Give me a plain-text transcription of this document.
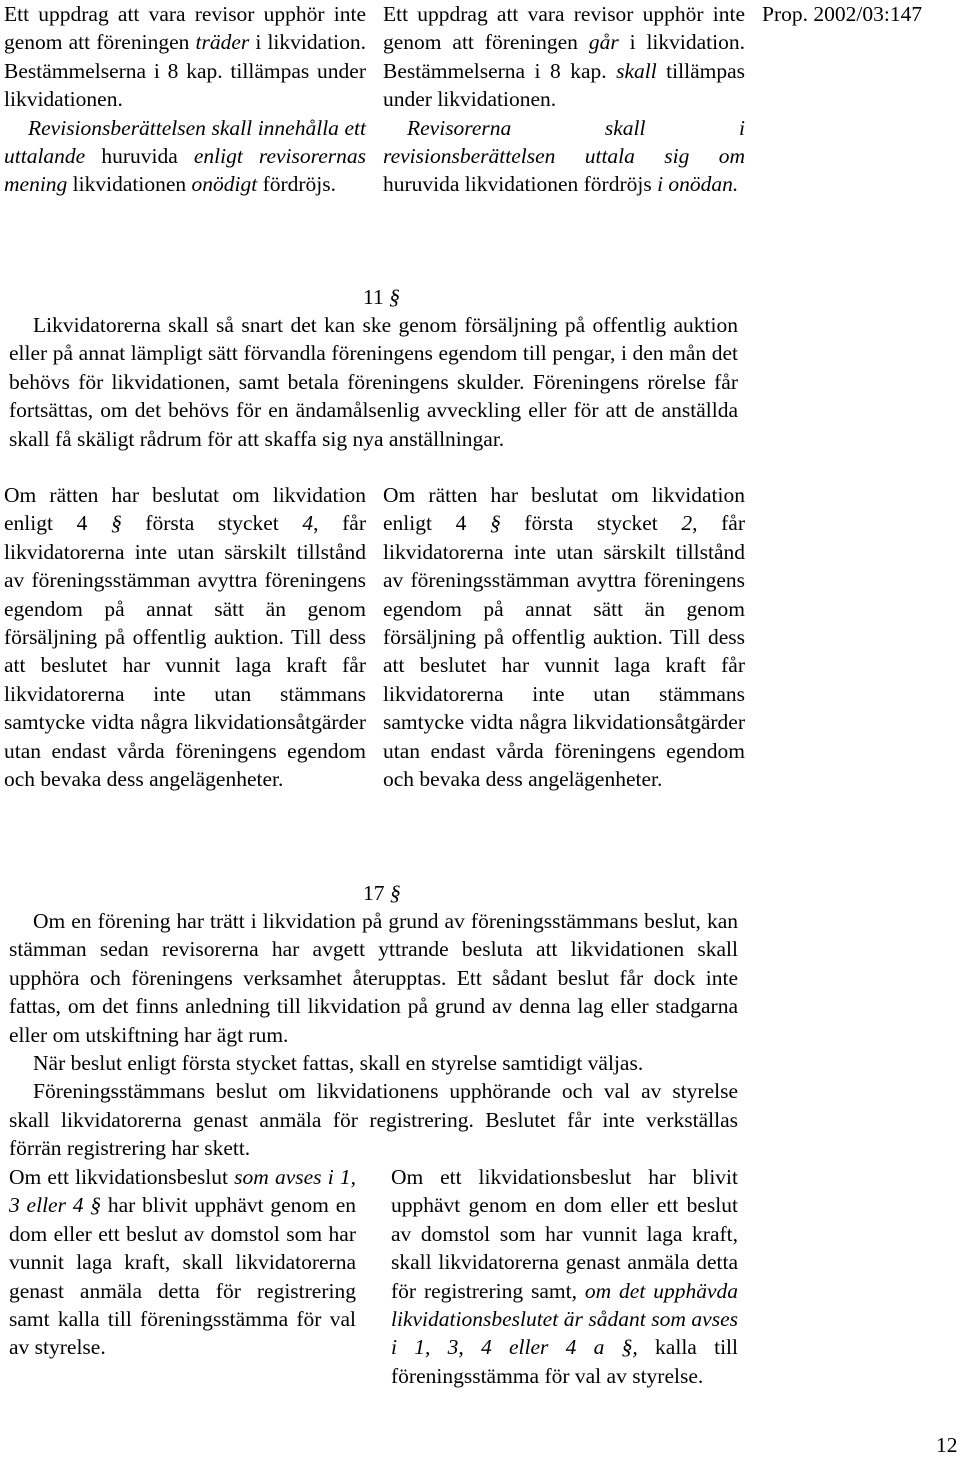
Prop. 2002/03:147

Ett uppdrag att vara revisor upphör inte genom att föreningen träder i likvidation. Bestämmelserna i 8 kap. tillämpas under likvidationen.

Revisionsberättelsen skall innehålla ett uttalande huruvida enligt revisorernas mening likvidationen onödigt fördröjs.

Ett uppdrag att vara revisor upphör inte genom att föreningen går i likvidation. Bestämmelserna i 8 kap. skall tillämpas under likvidationen.

Revisorerna skall i revisionsberättelsen uttala sig om huruvida likvidationen fördröjs i onödan.

11 §

Likvidatorerna skall så snart det kan ske genom försäljning på offentlig auktion eller på annat lämpligt sätt förvandla föreningens egendom till pengar, i den mån det behövs för likvidationen, samt betala föreningens skulder. Föreningens rörelse får fortsättas, om det behövs för en ändamålsenlig avveckling eller för att de anställda skall få skäligt rådrum för att skaffa sig nya anställningar.

Om rätten har beslutat om likvidation enligt 4 § första stycket 4, får likvidatorerna inte utan särskilt tillstånd av föreningsstämman avyttra föreningens egendom på annat sätt än genom försäljning på offentlig auktion. Till dess att beslutet har vunnit laga kraft får likvidatorerna inte utan stämmans samtycke vidta några likvidationsåtgärder utan endast vårda föreningens egendom och bevaka dess angelägenheter.

Om rätten har beslutat om likvidation enligt 4 § första stycket 2, får likvidatorerna inte utan särskilt tillstånd av föreningsstämman avyttra föreningens egendom på annat sätt än genom försäljning på offentlig auktion. Till dess att beslutet har vunnit laga kraft får likvidatorerna inte utan stämmans samtycke vidta några likvidationsåtgärder utan endast vårda föreningens egendom och bevaka dess angelägenheter.

17 §

Om en förening har trätt i likvidation på grund av föreningsstämmans beslut, kan stämman sedan revisorerna har avgett yttrande besluta att likvidationen skall upphöra och föreningens verksamhet återupptas. Ett sådant beslut får dock inte fattas, om det finns anledning till likvidation på grund av denna lag eller stadgarna eller om utskiftning har ägt rum.

När beslut enligt första stycket fattas, skall en styrelse samtidigt väljas.

Föreningsstämmans beslut om likvidationens upphörande och val av styrelse skall likvidatorerna genast anmäla för registrering. Beslutet får inte verkställas förrän registrering har skett.

Om ett likvidationsbeslut som avses i 1, 3 eller 4 § har blivit upphävt genom en dom eller ett beslut av domstol som har vunnit laga kraft, skall likvidatorerna genast anmäla detta för registrering samt kalla till föreningsstämma för val av styrelse.

Om ett likvidationsbeslut har blivit upphävt genom en dom eller ett beslut av domstol som har vunnit laga kraft, skall likvidatorerna genast anmäla detta för registrering samt, om det upphävda likvidationsbeslutet är sådant som avses i 1, 3, 4 eller 4 a §, kalla till föreningsstämma för val av styrelse.

12
